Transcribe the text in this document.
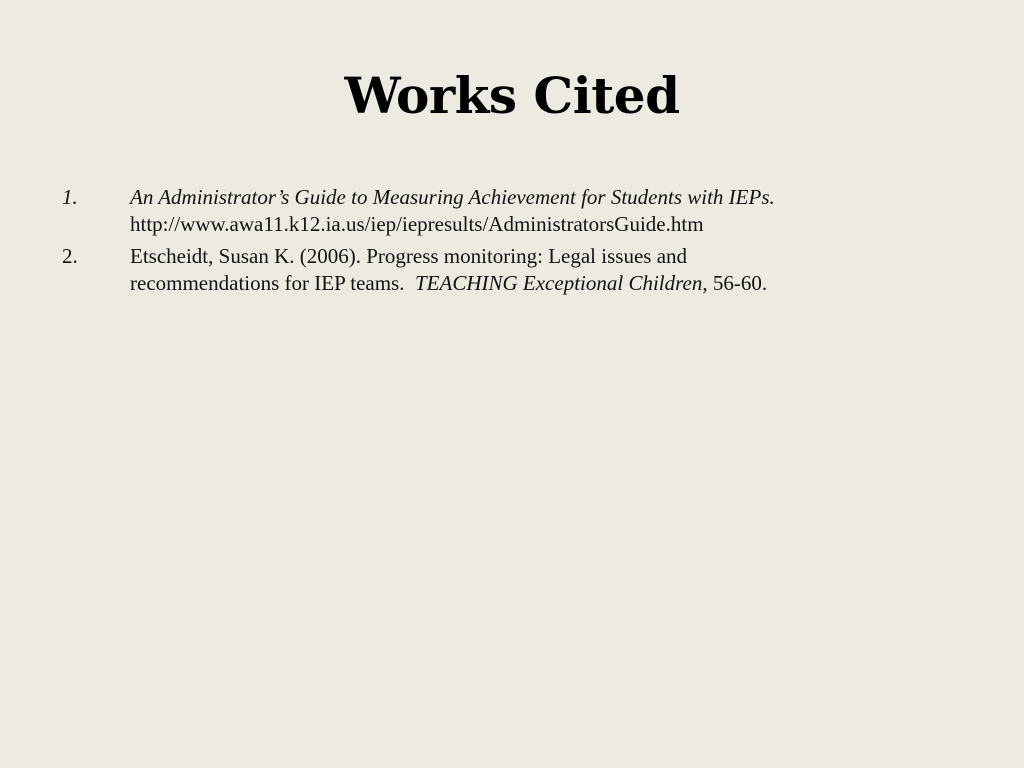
Works Cited
1.	An Administrator’s Guide to Measuring Achievement for Students with IEPs.
http://www.awa11.k12.ia.us/iep/iepresults/AdministratorsGuide.htm
2.	Etscheidt, Susan K. (2006). Progress monitoring: Legal issues and
recommendations for IEP teams.  TEACHING Exceptional Children, 56-60.
